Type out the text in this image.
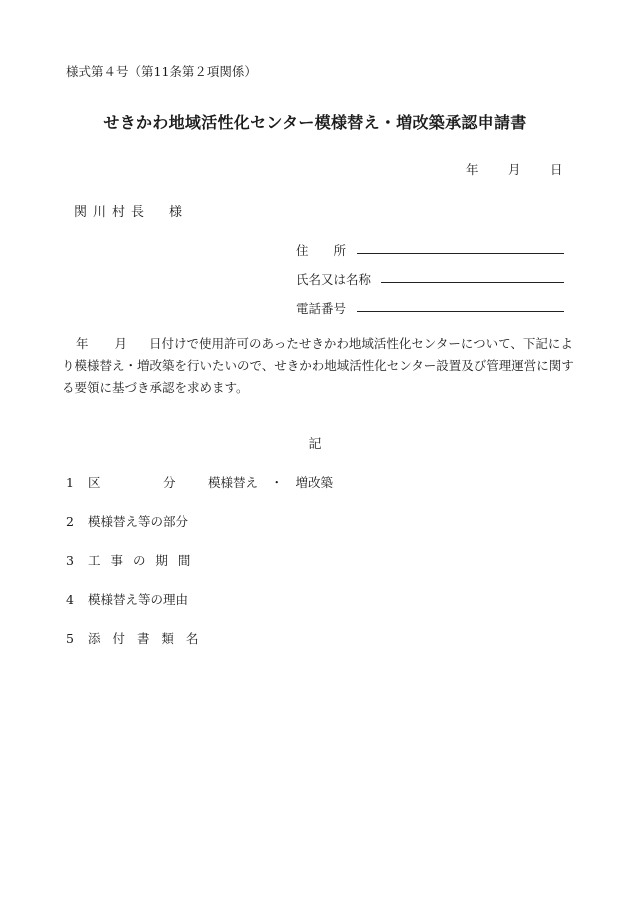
様式第４号（第11条第２項関係）
せきかわ地域活性化センター模様替え・増改築承認申請書
年 月 日
関川村長　様
住　　所
氏名又は名称
電話番号
年 月 日付けで使用許可のあったせきかわ地域活性化センターについて、下記により模様替え・増改築を行いたいので、せきかわ地域活性化センター設置及び管理運営に関する要領に基づき承認を求めます。
記
1 区　　　　　分	模様替え　・　増改築
2 模様替え等の部分
3 工 事 の 期 間
4 模様替え等の理由
5 添 付 書 類 名
